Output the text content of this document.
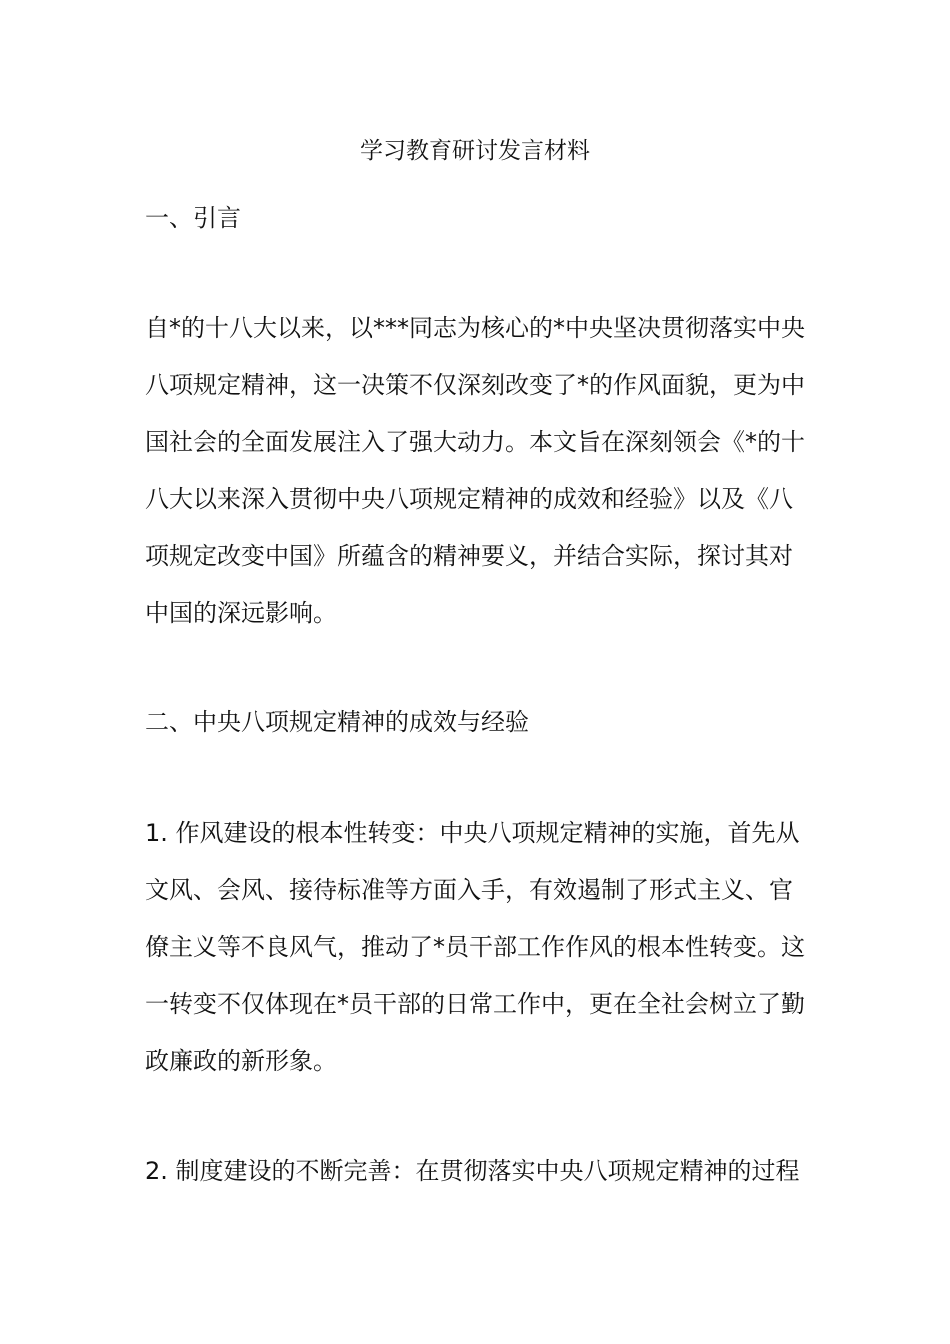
学习教育研讨发言材料
一、引言

自*的十八大以来，以***同志为核心的*中央坚决贯彻落实中央
八项规定精神，这一决策不仅深刻改变了*的作风面貌，更为中
国社会的全面发展注入了强大动力。本文旨在深刻领会《*的十
八大以来深入贯彻中央八项规定精神的成效和经验》以及《八
项规定改变中国》所蕴含的精神要义，并结合实际，探讨其对
中国的深远影响。

二、中央八项规定精神的成效与经验

1. 作风建设的根本性转变：中央八项规定精神的实施，首先从
文风、会风、接待标准等方面入手，有效遏制了形式主义、官
僚主义等不良风气，推动了*员干部工作作风的根本性转变。这
一转变不仅体现在*员干部的日常工作中，更在全社会树立了勤
政廉政的新形象。

2. 制度建设的不断完善：在贯彻落实中央八项规定精神的过程
